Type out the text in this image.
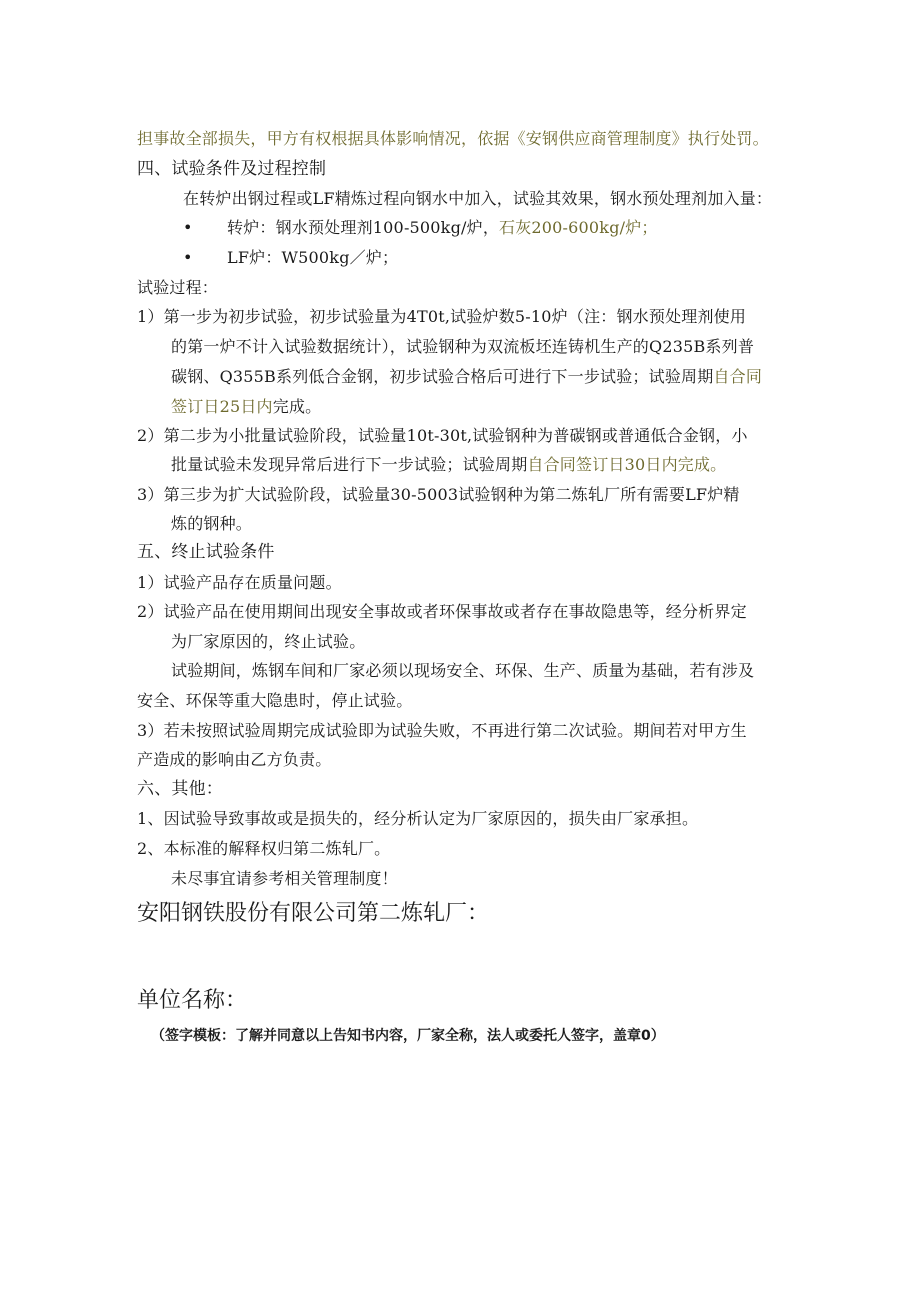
担事故全部损失，甲方有权根据具体影响情况，依据《安钢供应商管理制度》执行处罚。
四、试验条件及过程控制
在转炉出钢过程或LF精炼过程向钢水中加入，试验其效果，钢水预处理剂加入量：
• 转炉：钢水预处理剂100-500kg/炉，石灰200-600kg/炉；
• LF炉：W500kg／炉；
试验过程：
1）第一步为初步试验，初步试验量为4T0t,试验炉数5-10炉（注：钢水预处理剂使用
的第一炉不计入试验数据统计），试验钢种为双流板坯连铸机生产的Q235B系列普
碳钢、Q355B系列低合金钢，初步试验合格后可进行下一步试验；试验周期自合同
签订日25日内完成。
2）第二步为小批量试验阶段，试验量10t-30t,试验钢种为普碳钢或普通低合金钢，小
批量试验未发现异常后进行下一步试验；试验周期自合同签订日30日内完成。
3）第三步为扩大试验阶段，试验量30-5003试验钢种为第二炼轧厂所有需要LF炉精
炼的钢种。
五、终止试验条件
1）试验产品存在质量问题。
2）试验产品在使用期间出现安全事故或者环保事故或者存在事故隐患等，经分析界定
为厂家原因的，终止试验。
试验期间，炼钢车间和厂家必须以现场安全、环保、生产、质量为基础，若有涉及
安全、环保等重大隐患时，停止试验。
3）若未按照试验周期完成试验即为试验失败，不再进行第二次试验。期间若对甲方生
产造成的影响由乙方负责。
六、其他：
1、因试验导致事故或是损失的，经分析认定为厂家原因的，损失由厂家承担。
2、本标准的解释权归第二炼轧厂。
未尽事宜请参考相关管理制度！
安阳钢铁股份有限公司第二炼轧厂：
单位名称：
（签字模板：了解并同意以上告知书内容，厂家全称，法人或委托人签字，盖章0）
